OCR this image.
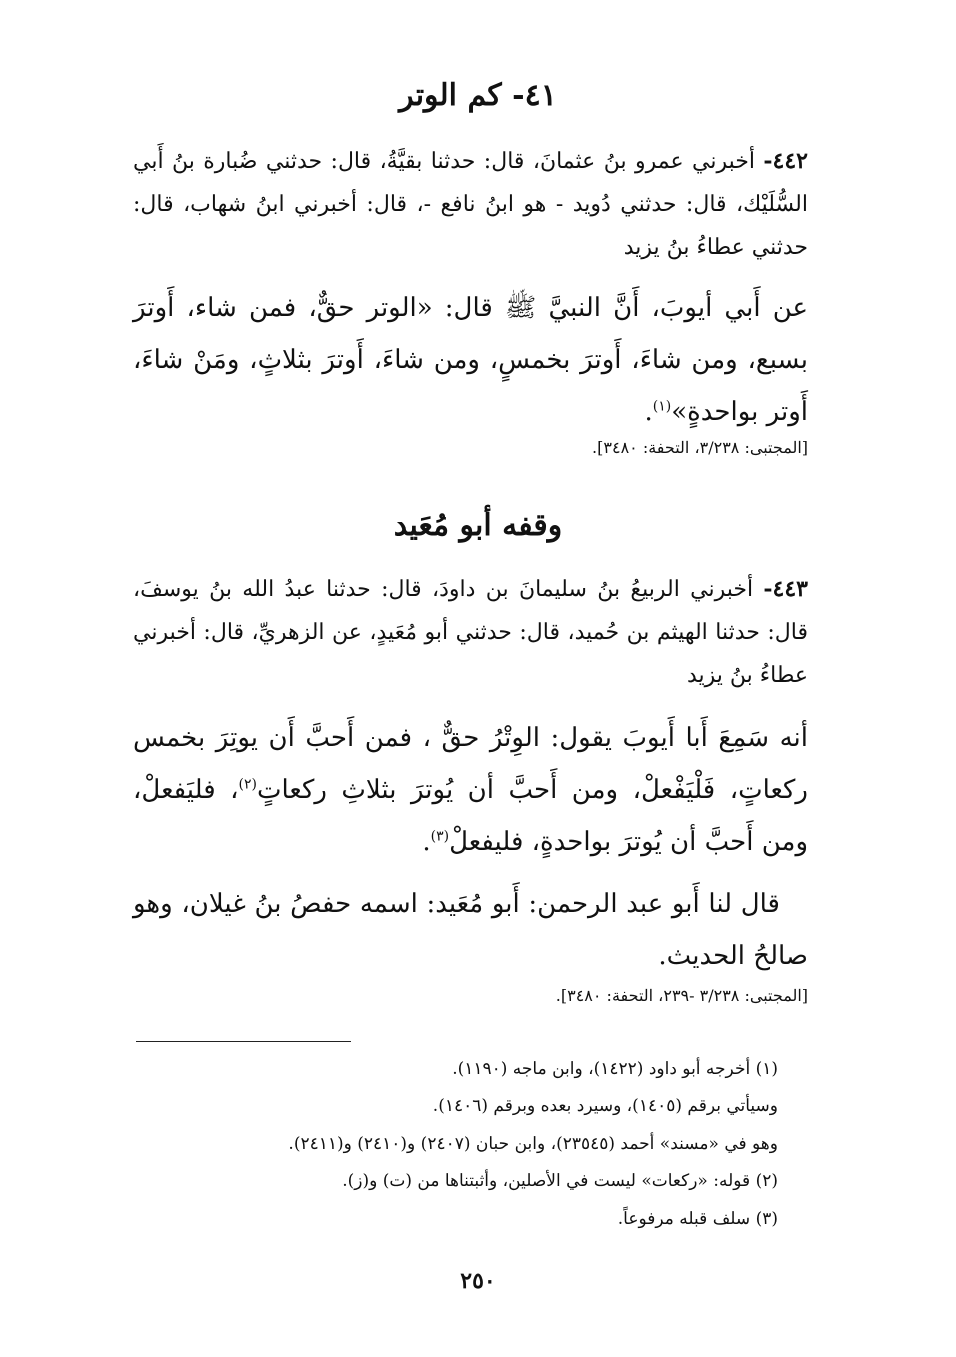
٤١- كم الوتر
٤٤٢- أخبرني عمرو بنُ عثمانَ، قال: حدثنا بقيَّةُ، قال: حدثني ضُبارة بنُ أَبي السُّلَيْك، قال: حدثني دُويد - هو ابنُ نافع -، قال: أخبرني ابنُ شهاب، قال: حدثني عطاءُ بنُ يزيد
عن أَبي أيوبَ، أَنَّ النبيَّ ﷺ قال: «الوتر حقٌّ، فمن شاء، أَوترَ بسبع، ومن شاءَ، أَوترَ بخمسٍ، ومن شاءَ، أَوترَ بثلاثٍ، ومَنْ شاءَ، أَوتر بواحدةٍ»$^{(١)}$.
[المجتبى: ٣/٢٣٨، التحفة: ٣٤٨٠].
وقفه أبو مُعَيد
٤٤٣- أخبرني الربيعُ بنُ سليمانَ بن داودَ، قال: حدثنا عبدُ الله بنُ يوسفَ، قال: حدثنا الهيثم بن حُميد، قال: حدثني أبو مُعَيدٍ، عن الزهريِّ، قال: أخبرني عطاءُ بنُ يزيد
أنه سَمِعَ أَبا أَيوبَ يقول: الوِتْرُ حقٌّ ، فمن أَحبَّ أَن يوتِرَ بخمس ركعاتٍ، فَلْيَفْعلْ، ومن أَحبَّ أن يُوترَ بثلاثِ ركعاتٍ$^{(٢)}$، فليَفعلْ، ومن أَحبَّ أن يُوترَ بواحدةٍ، فليفعلْ$^{(٣)}$.
قال لنا أَبو عبد الرحمن: أَبو مُعَيد: اسمه حفصُ بنُ غيلان، وهو صالحُ الحديث.
[المجتبى: ٣/٢٣٨ -٢٣٩، التحفة: ٣٤٨٠].
(١) أخرجه أبو داود (١٤٢٢)، وابن ماجه (١١٩٠).
وسيأتي برقم (١٤٠٥)، وسيرد بعده وبرقم (١٤٠٦).
وهو في «مسند» أحمد (٢٣٥٤٥)، وابن حبان (٢٤٠٧) و(٢٤١٠) و(٢٤١١).
(٢) قوله: «ركعات» ليست في الأصلين، وأثبتناها من (ت) و(ز).
(٣) سلف قبله مرفوعاً.
٢٥٠
